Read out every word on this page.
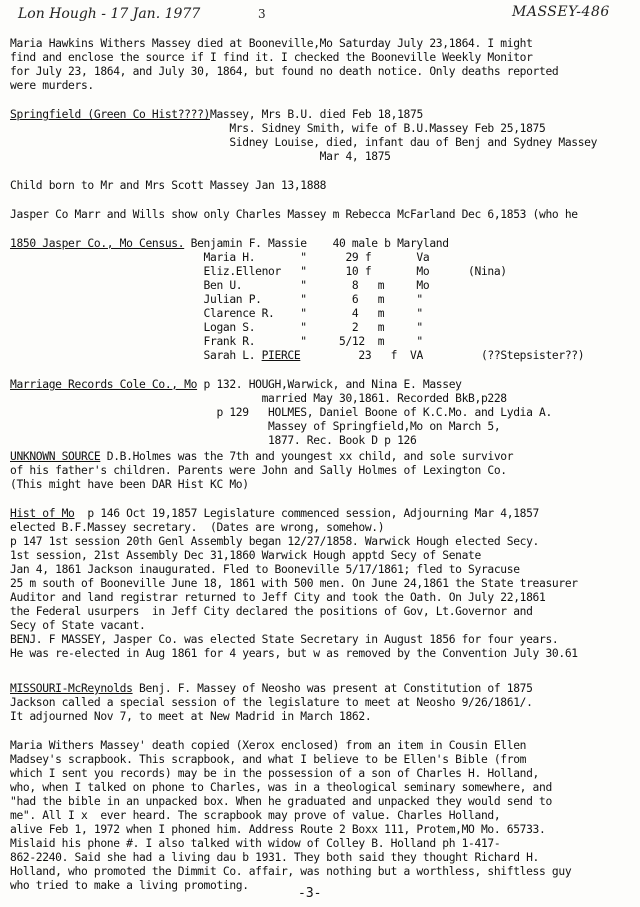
Lon Hough - 17 Jan. 1977	3	MASSEY-486

Maria Hawkins Withers Massey died at Booneville,Mo Saturday July 23,1864. I might

find and enclose the source if I find it. I checked the Booneville Weekly Monitor

for July 23, 1864, and July 30, 1864, but found no death notice. Only deaths reported

were murders.

Springfield (Green Co Hist????)Massey, Mrs B.U. died Feb 18,1875

Mrs. Sidney Smith, wife of B.U.Massey Feb 25,1875

Sidney Louise, died, infant dau of Benj and Sydney Massey

Mar 4, 1875

Child born to Mr and Mrs Scott Massey Jan 13,1888

Jasper Co Marr and Wills show only Charles Massey m Rebecca McFarland Dec 6,1853 (who he

1850 Jasper Co., Mo Census. Benjamin F. Massie    40 male b Maryland

Maria H.       "      29 f       Va

Eliz.Ellenor   "      10 f       Mo      (Nina)

Ben U.         "       8   m     Mo

Julian P.      "       6   m     "

Clarence R.    "       4   m     "

Logan S.       "       2   m     "

Frank R.       "     5/12  m     "

Sarah L. PIERCE         23   f  VA         (??Stepsister??)

Marriage Records Cole Co., Mo p 132. HOUGH,Warwick, and Nina E. Massey

married May 30,1861. Recorded BkB,p228

p 129   HOLMES, Daniel Boone of K.C.Mo. and Lydia A.

Massey of Springfield,Mo on March 5,

1877. Rec. Book D p 126

UNKNOWN SOURCE D.B.Holmes was the 7th and youngest xx child, and sole survivor

of his father's children. Parents were John and Sally Holmes of Lexington Co.

(This might have been DAR Hist KC Mo)

Hist of Mo  p 146 Oct 19,1857 Legislature commenced session, Adjourning Mar 4,1857

elected B.F.Massey secretary.  (Dates are wrong, somehow.)

p 147 1st session 20th Genl Assembly began 12/27/1858. Warwick Hough elected Secy.

1st session, 21st Assembly Dec 31,1860 Warwick Hough apptd Secy of Senate

Jan 4, 1861 Jackson inaugurated. Fled to Booneville 5/17/1861; fled to Syracuse

25 m south of Booneville June 18, 1861 with 500 men. On June 24,1861 the State treasurer

Auditor and land registrar returned to Jeff City and took the Oath. On July 22,1861

the Federal usurpers  in Jeff City declared the positions of Gov, Lt.Governor and

Secy of State vacant.

BENJ. F MASSEY, Jasper Co. was elected State Secretary in August 1856 for four years.

He was re-elected in Aug 1861 for 4 years, but w as removed by the Convention July 30.61

MISSOURI-McReynolds Benj. F. Massey of Neosho was present at Constitution of 1875

Jackson called a special session of the legislature to meet at Neosho 9/26/1861/.

It adjourned Nov 7, to meet at New Madrid in March 1862.

Maria Withers Massey' death copied (Xerox enclosed) from an item in Cousin Ellen

Madsey's scrapbook. This scrapbook, and what I believe to be Ellen's Bible (from

which I sent you records) may be in the possession of a son of Charles H. Holland,

who, when I talked on phone to Charles, was in a theological seminary somewhere, and

"had the bible in an unpacked box. When he graduated and unpacked they would send to

me". All I x  ever heard. The scrapbook may prove of value. Charles Holland,

alive Feb 1, 1972 when I phoned him. Address Route 2 Boxx 111, Protem,MO Mo. 65733.

Mislaid his phone #. I also talked with widow of Colley B. Holland ph 1-417-

862-2240. Said she had a living dau b 1931. They both said they thought Richard H.

Holland, who promoted the Dimmit Co. affair, was nothing but a worthless, shiftless guy

who tried to make a living promoting.

-3-
